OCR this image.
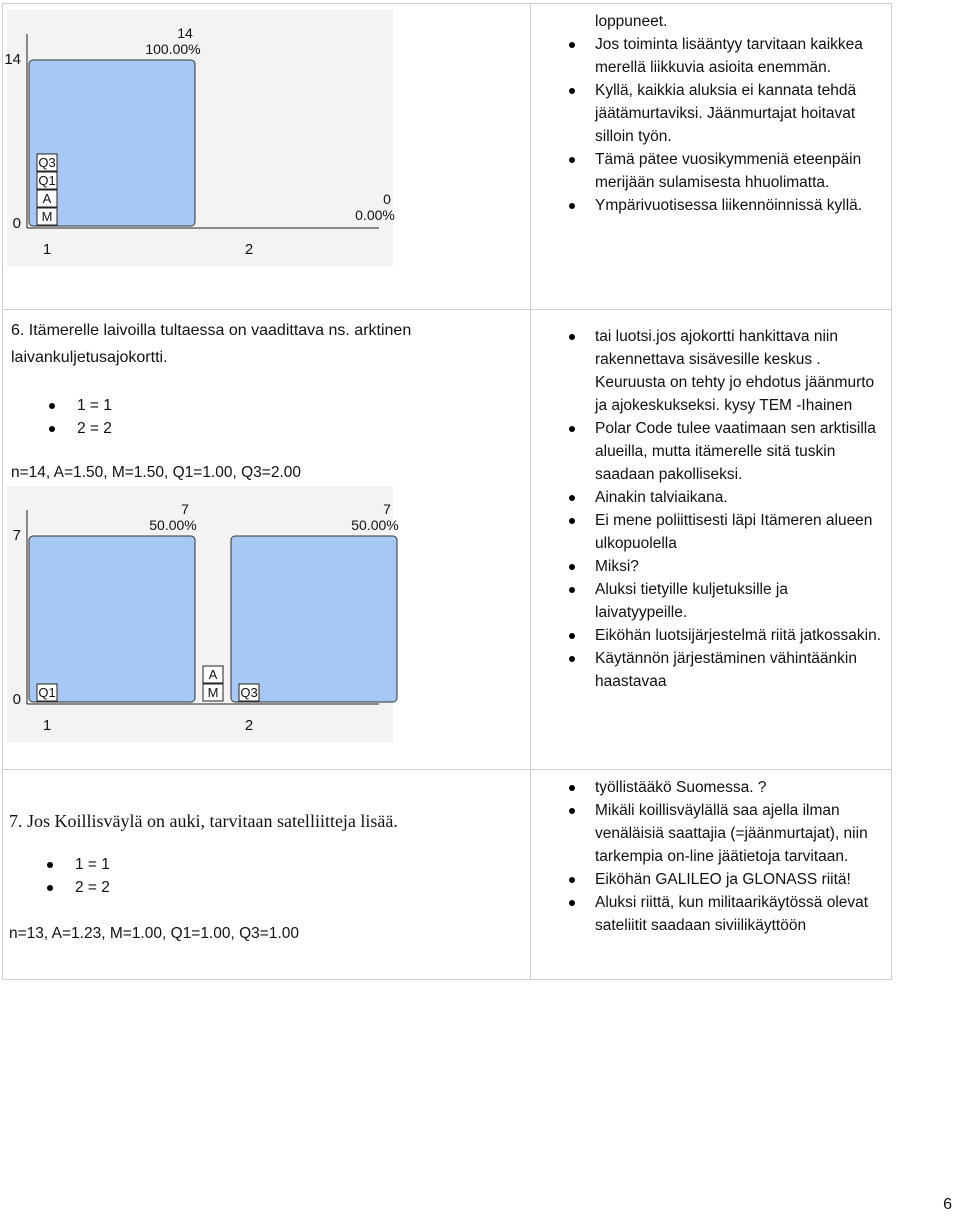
0
14
14
100.00%
1
0
0.00%
2
M
A
Q1
Q3
loppuneet.
Jos toiminta lisääntyy tarvitaan kaikkea merellä liikkuvia asioita enemmän.
Kyllä, kaikkia aluksia ei kannata tehdä jäätämurtaviksi. Jäänmurtajat hoitavat silloin työn.
Tämä pätee vuosikymmeniä eteenpäin merijään sulamisesta hhuolimatta.
Ympärivuotisessa liikennöinnissä kyllä.

6. Itämerelle laivoilla tultaessa on vaadittava ns. arktinen laivankuljetusajokortti.

1 = 1
2 = 2

n=14, A=1.50, M=1.50, Q1=1.00, Q3=2.00

0
7
7
50.00%
1
7
50.00%
2
Q1	Q3
M
A
tai luotsi.jos ajokortti hankittava niin rakennettava sisävesille keskus . Keuruusta on tehty jo ehdotus jäänmurto ja ajokeskukseksi. kysy TEM -Ihainen
Polar Code tulee vaatimaan sen arktisilla alueilla, mutta itämerelle sitä tuskin saadaan pakolliseksi.
Ainakin talviaikana.
Ei mene poliittisesti läpi Itämeren alueen ulkopuolella
Miksi?
Aluksi tietyille kuljetuksille ja laivatyypeille.
Eiköhän luotsijärjestelmä riitä jatkossakin.
Käytännön järjestäminen vähintäänkin haastavaa

7. Jos Koillisväylä on auki, tarvitaan satelliitteja lisää.

1 = 1
2 = 2

n=13, A=1.23, M=1.00, Q1=1.00, Q3=1.00

työllistääkö Suomessa. ?
Mikäli koillisväylällä saa ajella ilman venäläisiä saattajia (=jäänmurtajat), niin tarkempia on-line jäätietoja tarvitaan.
Eiköhän GALILEO ja GLONASS riitä!
Aluksi riittä, kun militaarikäytössä olevat sateliitit saadaan siviilikäyttöön
6
